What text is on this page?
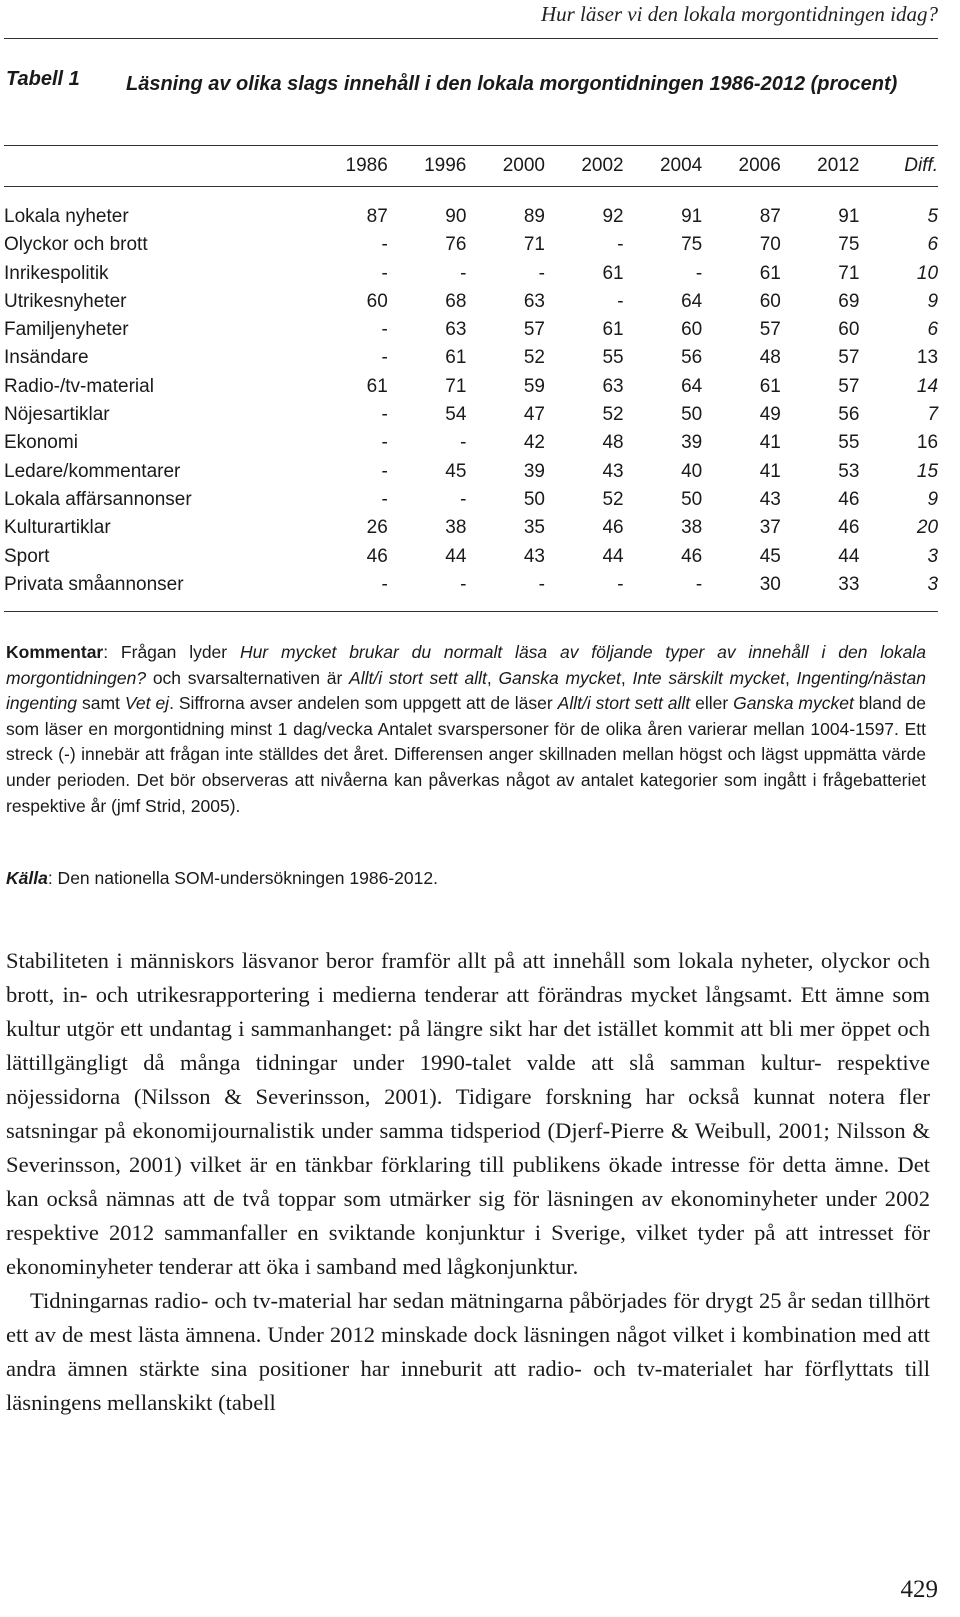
Hur läser vi den lokala morgontidningen idag?
Tabell 1 Läsning av olika slags innehåll i den lokala morgontidningen 1986-2012 (procent)
1986	1996	2000	2002	2004	2006	2012	Diff.
Lokala nyheter	87	90	89	92	91	87	91	5
Olyckor och brott	-	76	71	-	75	70	75	6
Inrikespolitik	-	-	-	61	-	61	71	10
Utrikesnyheter	60	68	63	-	64	60	69	9
Familjenyheter	-	63	57	61	60	57	60	6
Insändare	-	61	52	55	56	48	57	13
Radio-/tv-material	61	71	59	63	64	61	57	14
Nöjesartiklar	-	54	47	52	50	49	56	7
Ekonomi	-	-	42	48	39	41	55	16
Ledare/kommentarer	-	45	39	43	40	41	53	15
Lokala affärsannonser	-	-	50	52	50	43	46	9
Kulturartiklar	26	38	35	46	38	37	46	20
Sport	46	44	43	44	46	45	44	3
Privata småannonser	-	-	-	-	-	30	33	3
Kommentar: Frågan lyder Hur mycket brukar du normalt läsa av följande typer av innehåll i den lokala morgontidningen? och svarsalternativen är Allt/i stort sett allt, Ganska mycket, Inte särskilt mycket, Ingenting/nästan ingenting samt Vet ej. Siffrorna avser andelen som uppgett att de läser Allt/i stort sett allt eller Ganska mycket bland de som läser en morgontidning minst 1 dag/vecka Antalet svarspersoner för de olika åren varierar mellan 1004-1597. Ett streck (-) innebär att frågan inte ställdes det året. Differensen anger skillnaden mellan högst och lägst uppmätta värde under perioden. Det bör observeras att nivåerna kan påverkas något av antalet kategorier som ingått i frågebatteriet respektive år (jmf Strid, 2005).
Källa: Den nationella SOM-undersökningen 1986-2012.

Stabiliteten i människors läsvanor beror framför allt på att innehåll som lokala nyheter, olyckor och brott, in- och utrikesrapportering i medierna tenderar att förändras mycket långsamt. Ett ämne som kultur utgör ett undantag i sammanhanget: på längre sikt har det istället kommit att bli mer öppet och lättillgängligt då många tidningar under 1990-talet valde att slå samman kultur- respektive nöjessidorna (Nilsson & Severinsson, 2001). Tidigare forskning har också kunnat notera fler satsningar på ekonomijournalistik under samma tidsperiod (Djerf-Pierre & Weibull, 2001; Nilsson & Severinsson, 2001) vilket är en tänkbar förklaring till publikens ökade intresse för detta ämne. Det kan också nämnas att de två toppar som utmärker sig för läsningen av ekonominyheter under 2002 respektive 2012 sammanfaller en sviktande konjunktur i Sverige, vilket tyder på att intresset för ekonominyheter tenderar att öka i samband med lågkonjunktur.

Tidningarnas radio- och tv-material har sedan mätningarna påbörjades för drygt 25 år sedan tillhört ett av de mest lästa ämnena. Under 2012 minskade dock läsningen något vilket i kombination med att andra ämnen stärkte sina positioner har inneburit att radio- och tv-materialet har förflyttats till läsningens mellanskikt (tabell

429
